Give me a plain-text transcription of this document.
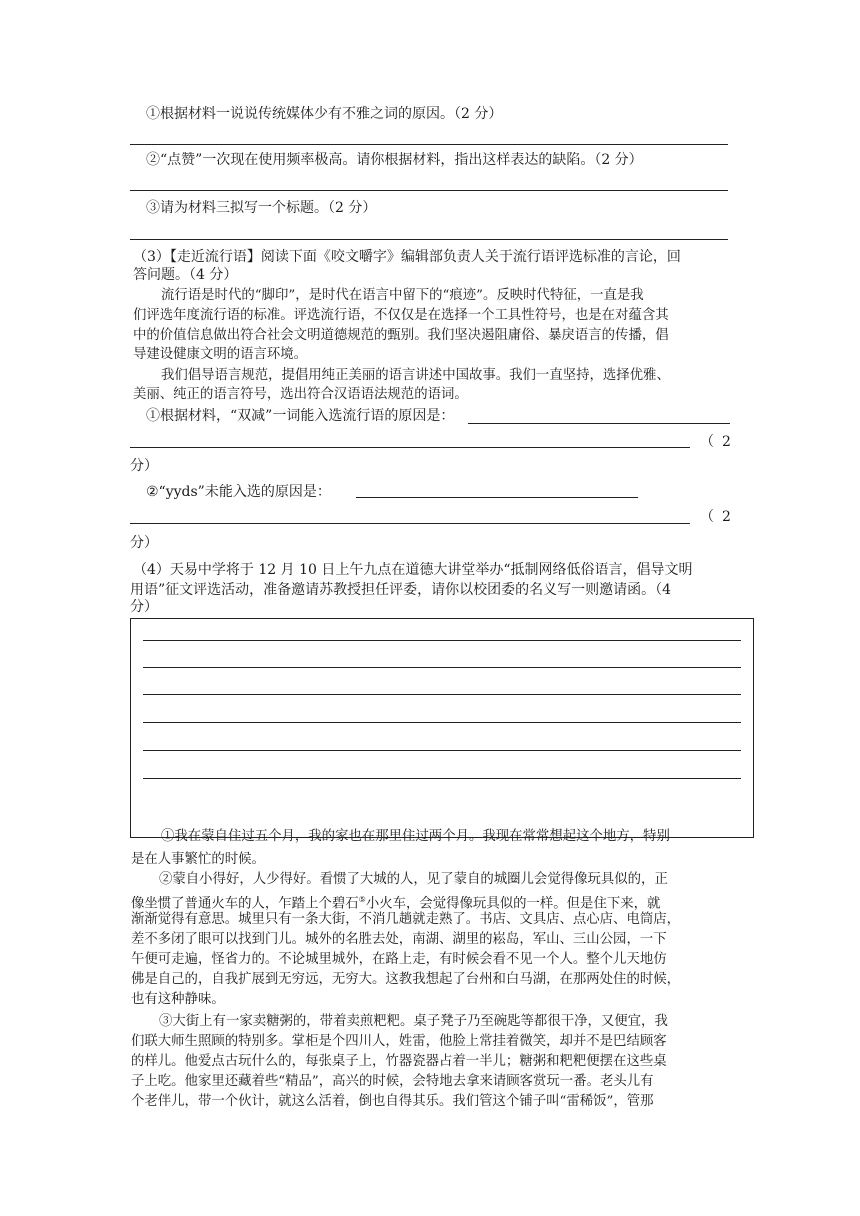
①根据材料一说说传统媒体少有不雅之词的原因。（2 分）
②“点赞”一次现在使用频率极高。请你根据材料，指出这样表达的缺陷。（2 分）
③请为材料三拟写一个标题。（2 分）
（3）【走近流行语】阅读下面《咬文嚼字》编辑部负责人关于流行语评选标准的言论，回
答问题。（4 分）
流行语是时代的“脚印”，是时代在语言中留下的“痕迹”。反映时代特征，一直是我
们评选年度流行语的标准。评选流行语，不仅仅是在选择一个工具性符号，也是在对蕴含其
中的价值信息做出符合社会文明道德规范的甄别。我们坚决遏阻庸俗、暴戾语言的传播，倡
导建设健康文明的语言环境。
我们倡导语言规范，提倡用纯正美丽的语言讲述中国故事。我们一直坚持，选择优雅、
美丽、纯正的语言符号，选出符合汉语语法规范的语词。
①根据材料，“双减”一词能入选流行语的原因是：
（ 2
分）
②“yyds”未能入选的原因是：
（ 2
分）
（4）天易中学将于 12 月 10 日上午九点在道德大讲堂举办“抵制网络低俗语言，倡导文明
用语”征文评选活动，准备邀请苏教授担任评委，请你以校团委的名义写一则邀请函。（4
分）
①我在蒙自住过五个月，我的家也在那里住过两个月。我现在常常想起这个地方，特别
是在人事繁忙的时候。
②蒙自小得好，人少得好。看惯了大城的人，见了蒙自的城圈儿会觉得像玩具似的，正
像坐惯了普通火车的人，乍踏上个碧石⑤小火车，会觉得像玩具似的一样。但是住下来，就
渐渐觉得有意思。城里只有一条大街，不消几趟就走熟了。书店、文具店、点心店、电筒店，
差不多闭了眼可以找到门儿。城外的名胜去处，南湖、湖里的崧岛，军山、三山公园，一下
午便可走遍，怪省力的。不论城里城外，在路上走，有时候会看不见一个人。整个儿天地仿
佛是自己的，自我扩展到无穷远，无穷大。这教我想起了台州和白马湖，在那两处住的时候，
也有这种静味。
③大街上有一家卖糖粥的，带着卖煎粑粑。桌子凳子乃至碗匙等都很干净，又便宜，我
们联大师生照顾的特别多。掌柜是个四川人，姓雷，他脸上常挂着微笑，却并不是巴结顾客
的样儿。他爱点古玩什么的，每张桌子上，竹器瓷器占着一半儿；糖粥和粑粑便摆在这些桌
子上吃。他家里还藏着些“精品”，高兴的时候，会特地去拿来请顾客赏玩一番。老头儿有
个老伴儿，带一个伙计，就这么活着，倒也自得其乐。我们管这个铺子叫“雷稀饭”，管那
